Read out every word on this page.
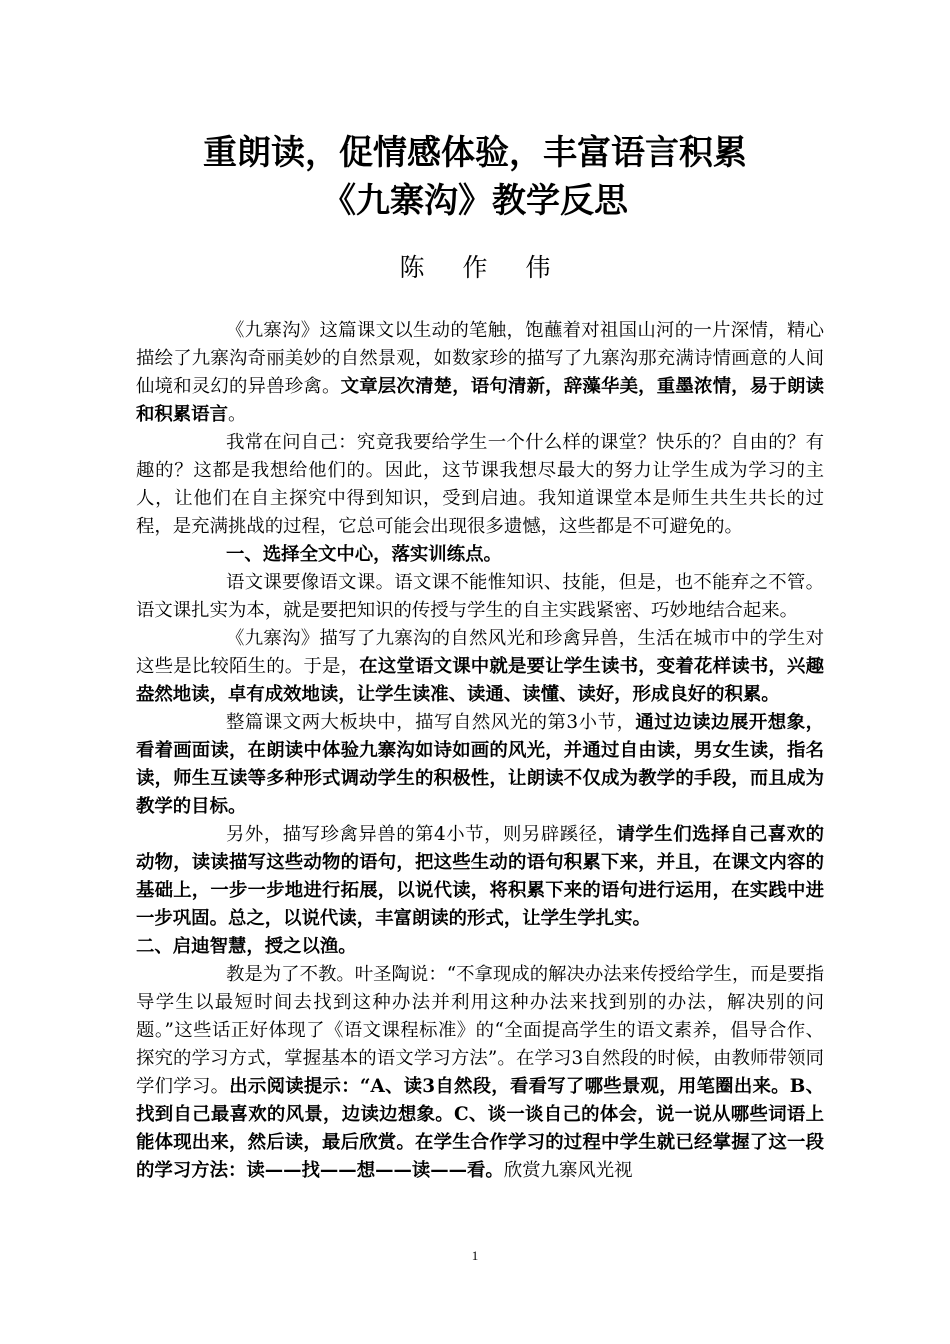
重朗读，促情感体验，丰富语言积累
《九寨沟》教学反思
陈作伟

《九寨沟》这篇课文以生动的笔触，饱蘸着对祖国山河的一片深情，精心描绘了九寨沟奇丽美妙的自然景观，如数家珍的描写了九寨沟那充满诗情画意的人间仙境和灵幻的异兽珍禽。文章层次清楚，语句清新，辞藻华美，重墨浓情，易于朗读和积累语言。

我常在问自己：究竟我要给学生一个什么样的课堂？快乐的？自由的？有趣的？这都是我想给他们的。因此，这节课我想尽最大的努力让学生成为学习的主人，让他们在自主探究中得到知识，受到启迪。我知道课堂本是师生共生共长的过程，是充满挑战的过程，它总可能会出现很多遗憾，这些都是不可避免的。

一、选择全文中心，落实训练点。

语文课要像语文课。语文课不能惟知识、技能，但是，也不能弃之不管。语文课扎实为本，就是要把知识的传授与学生的自主实践紧密、巧妙地结合起来。

《九寨沟》描写了九寨沟的自然风光和珍禽异兽，生活在城市中的学生对这些是比较陌生的。于是，在这堂语文课中就是要让学生读书，变着花样读书，兴趣盎然地读，卓有成效地读，让学生读准、读通、读懂、读好，形成良好的积累。

整篇课文两大板块中，描写自然风光的第3小节，通过边读边展开想象，看着画面读，在朗读中体验九寨沟如诗如画的风光，并通过自由读，男女生读，指名读，师生互读等多种形式调动学生的积极性，让朗读不仅成为教学的手段，而且成为教学的目标。

另外，描写珍禽异兽的第4小节，则另辟蹊径，请学生们选择自己喜欢的动物，读读描写这些动物的语句，把这些生动的语句积累下来，并且，在课文内容的基础上，一步一步地进行拓展，以说代读，将积累下来的语句进行运用，在实践中进一步巩固。总之，以说代读，丰富朗读的形式，让学生学扎实。

二、启迪智慧，授之以渔。

教是为了不教。叶圣陶说：“不拿现成的解决办法来传授给学生，而是要指导学生以最短时间去找到这种办法并利用这种办法来找到别的办法，解决别的问题。”这些话正好体现了《语文课程标准》的“全面提高学生的语文素养，倡导合作、探究的学习方式，掌握基本的语文学习方法”。在学习3自然段的时候，由教师带领同学们学习。出示阅读提示：“A、读3自然段，看看写了哪些景观，用笔圈出来。B、找到自己最喜欢的风景，边读边想象。C、谈一谈自己的体会，说一说从哪些词语上能体现出来，然后读，最后欣赏。在学生合作学习的过程中学生就已经掌握了这一段的学习方法：读——找——想——读——看。欣赏九寨风光视

1
